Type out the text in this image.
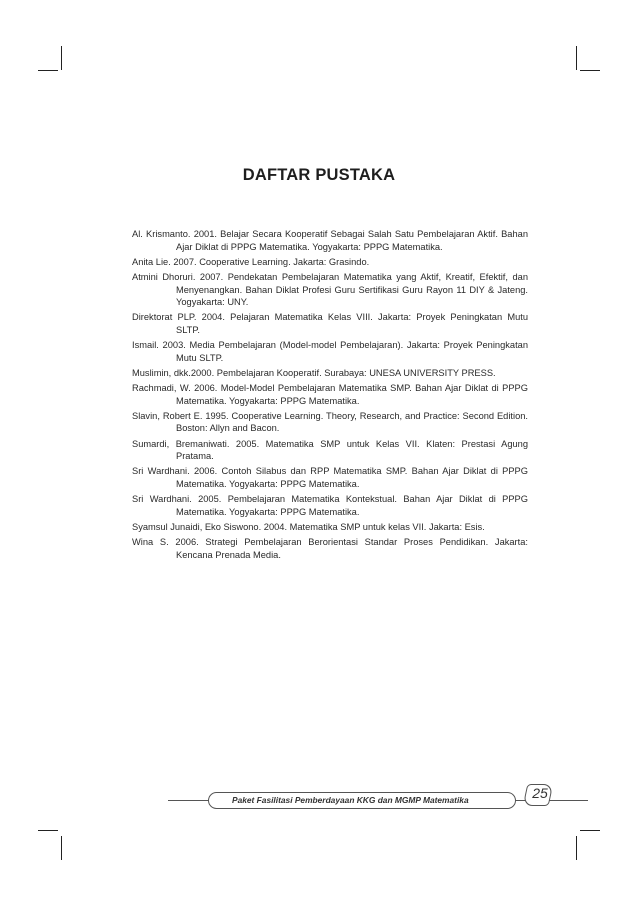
DAFTAR PUSTAKA
Al. Krismanto. 2001. Belajar Secara Kooperatif Sebagai Salah Satu Pembelajaran Aktif. Bahan Ajar Diklat di PPPG Matematika. Yogyakarta: PPPG Matematika.
Anita Lie. 2007. Cooperative Learning. Jakarta: Grasindo.
Atmini Dhoruri. 2007. Pendekatan Pembelajaran Matematika yang Aktif, Kreatif, Efektif, dan Menyenangkan. Bahan Diklat Profesi Guru Sertifikasi Guru Rayon 11 DIY & Jateng. Yogyakarta: UNY.
Direktorat PLP. 2004. Pelajaran Matematika Kelas VIII. Jakarta: Proyek Peningkatan Mutu SLTP.
Ismail. 2003. Media Pembelajaran (Model-model Pembelajaran). Jakarta: Proyek Peningkatan Mutu SLTP.
Muslimin, dkk.2000. Pembelajaran Kooperatif. Surabaya: UNESA UNIVERSITY PRESS.
Rachmadi, W. 2006. Model-Model Pembelajaran Matematika SMP. Bahan Ajar Diklat di PPPG Matematika. Yogyakarta: PPPG Matematika.
Slavin, Robert E. 1995. Cooperative Learning. Theory, Research, and Practice: Second Edition. Boston: Allyn and Bacon.
Sumardi, Bremaniwati. 2005. Matematika SMP untuk Kelas VII. Klaten: Prestasi Agung Pratama.
Sri Wardhani. 2006. Contoh Silabus dan RPP Matematika SMP. Bahan Ajar Diklat di PPPG Matematika. Yogyakarta: PPPG Matematika.
Sri Wardhani. 2005. Pembelajaran Matematika Kontekstual. Bahan Ajar Diklat di PPPG Matematika. Yogyakarta: PPPG Matematika.
Syamsul Junaidi, Eko Siswono. 2004. Matematika SMP untuk kelas VII. Jakarta: Esis.
Wina S. 2006. Strategi Pembelajaran Berorientasi Standar Proses Pendidikan. Jakarta: Kencana Prenada Media.
Paket Fasilitasi Pemberdayaan KKG dan MGMP Matematika	25
